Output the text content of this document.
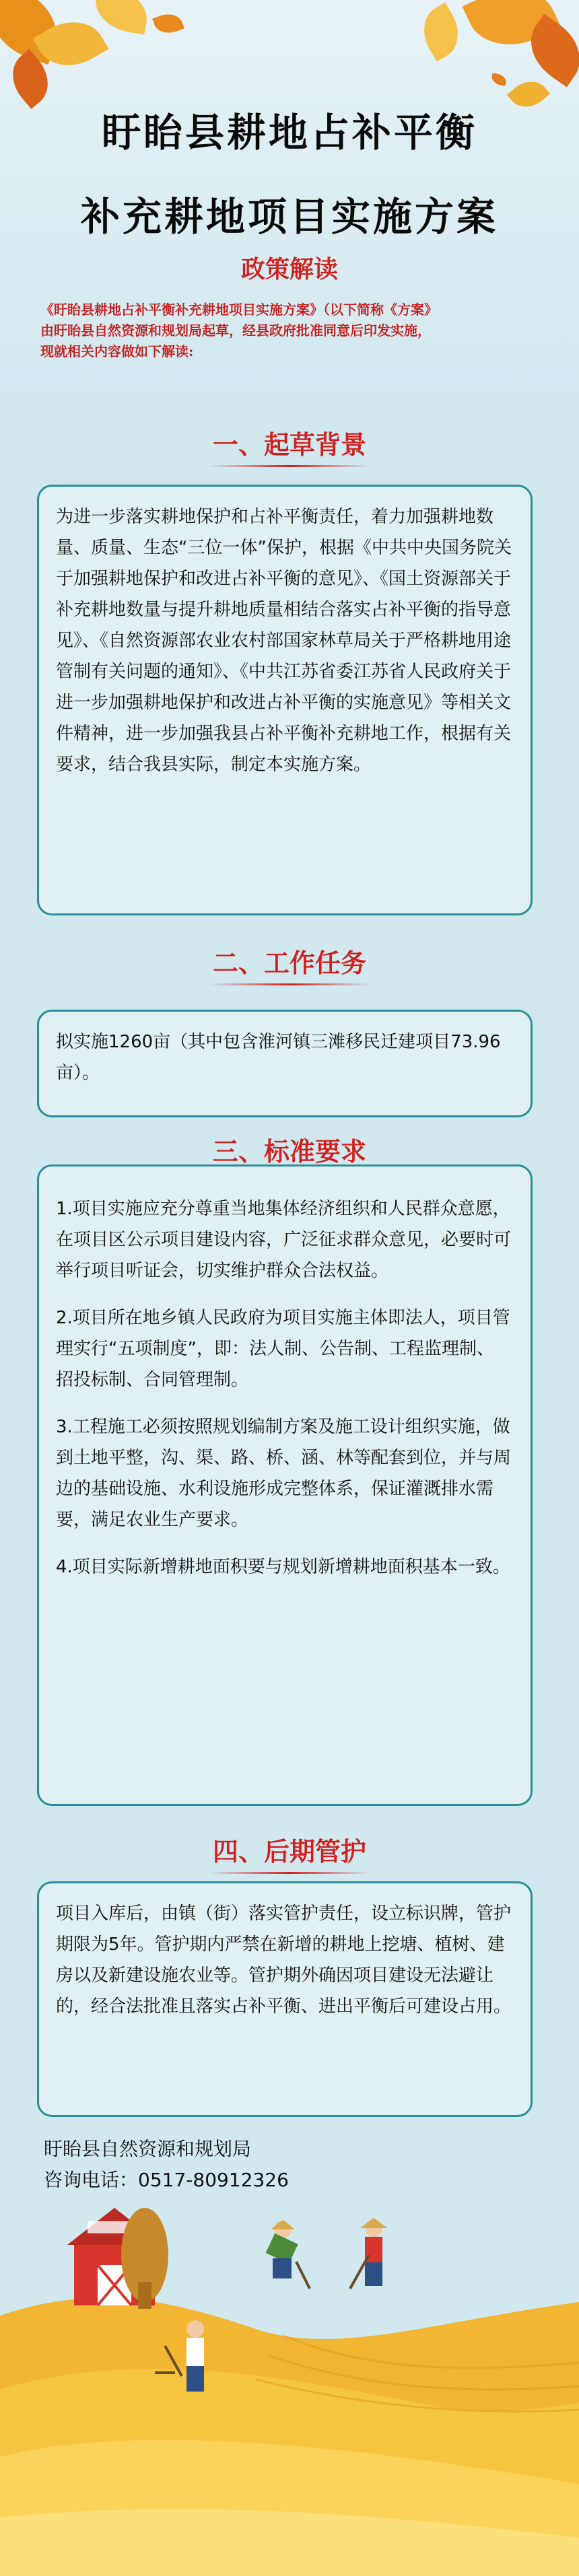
盱眙县耕地占补平衡
补充耕地项目实施方案
政策解读
《盱眙县耕地占补平衡补充耕地项目实施方案》（以下简称《方案》
由盱眙县自然资源和规划局起草，经县政府批准同意后印发实施，
现就相关内容做如下解读:
一、起草背景

为进一步落实耕地保护和占补平衡责任，着力加强耕地数量、质量、生态“三位一体”保护，根据《中共中央国务院关于加强耕地保护和改进占补平衡的意见》、《国土资源部关于补充耕地数量与提升耕地质量相结合落实占补平衡的指导意见》、《自然资源部农业农村部国家林草局关于严格耕地用途管制有关问题的通知》、《中共江苏省委江苏省人民政府关于进一步加强耕地保护和改进占补平衡的实施意见》等相关文件精神，进一步加强我县占补平衡补充耕地工作，根据有关要求，结合我县实际，制定本实施方案。

二、工作任务

拟实施1260亩（其中包含淮河镇三滩移民迁建项目73.96亩）。

三、标准要求

1.项目实施应充分尊重当地集体经济组织和人民群众意愿，在项目区公示项目建设内容，广泛征求群众意见，必要时可举行项目听证会，切实维护群众合法权益。

2.项目所在地乡镇人民政府为项目实施主体即法人，项目管理实行“五项制度”，即：法人制、公告制、工程监理制、 招投标制、合同管理制。

3.工程施工必须按照规划编制方案及施工设计组织实施，做到土地平整，沟、渠、路、桥、涵、林等配套到位，并与周边的基础设施、水利设施形成完整体系，保证灌溉排水需要，满足农业生产要求。

4.项目实际新增耕地面积要与规划新增耕地面积基本一致。

四、后期管护

项目入库后，由镇（街）落实管护责任，设立标识牌，管护期限为5年。管护期内严禁在新增的耕地上挖塘、植树、建房以及新建设施农业等。管护期外确因项目建设无法避让的，经合法批准且落实占补平衡、进出平衡后可建设占用。

盱眙县自然资源和规划局
咨询电话：0517-80912326
